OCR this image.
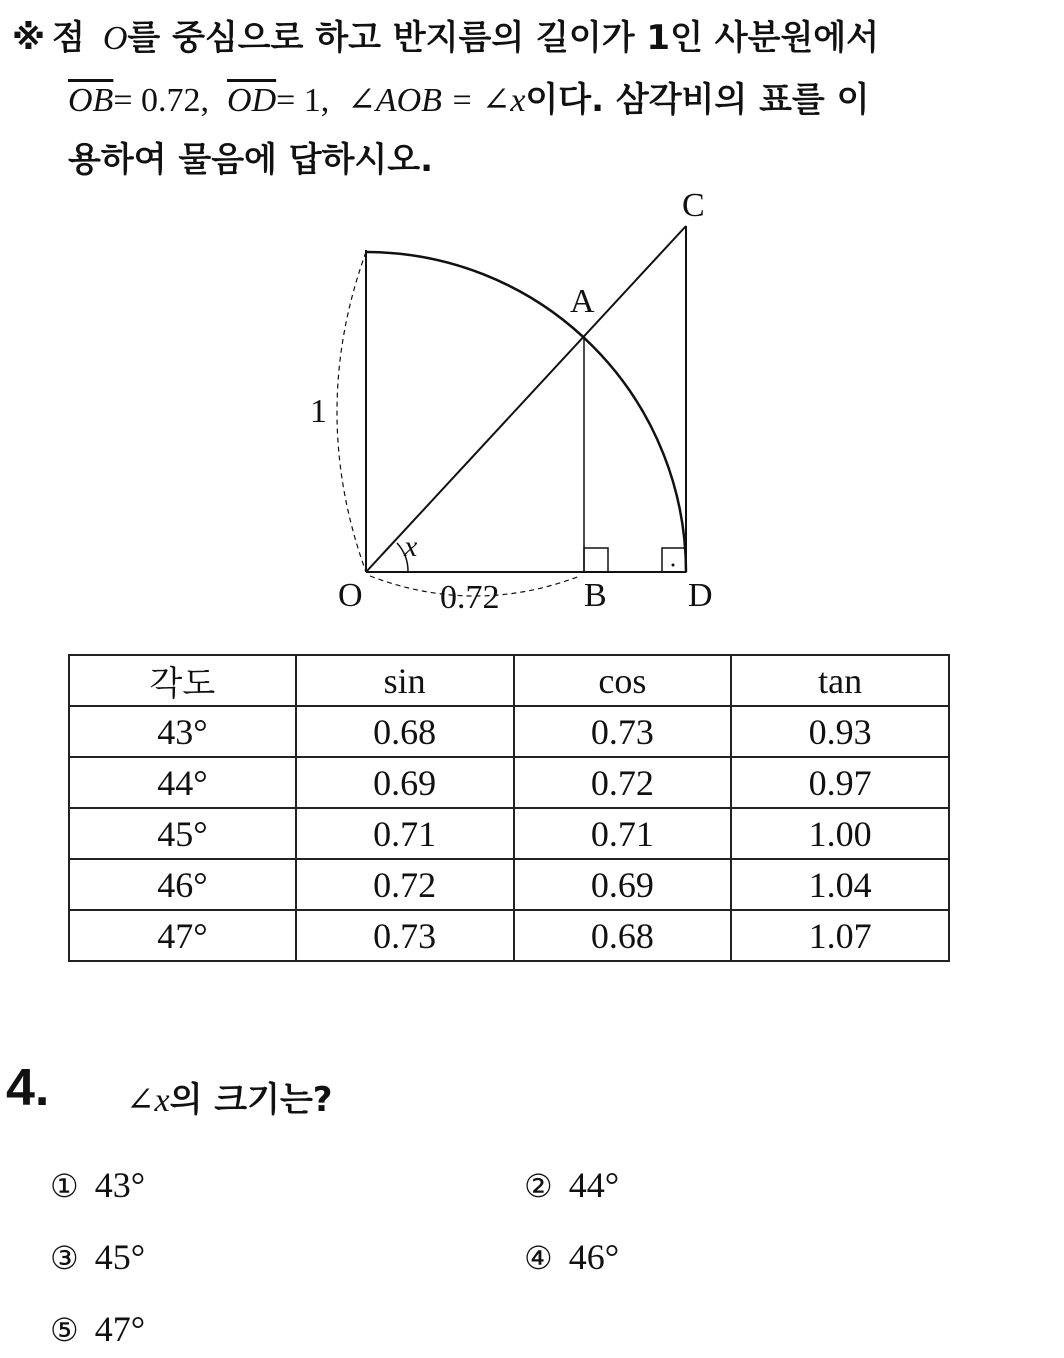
※ 점 O를 중심으로 하고 반지름의 길이가 1인 사분원에서
$\overline{OB}= 0.72$, $\overline{OD}= 1$, ∠AOB = ∠x이다. 삼각비의 표를 이
용하여 물음에 답하시오.
C
A
1
x
O 0.72 B D
각도	sin	cos	tan
43°	0.68	0.73	0.93
44°	0.69	0.72	0.97
45°	0.71	0.71	1.00
46°	0.72	0.69	1.04
47°	0.73	0.68	1.07
4. ∠x의 크기는?
① 43°	② 44°
③ 45°	④ 46°
⑤ 47°
